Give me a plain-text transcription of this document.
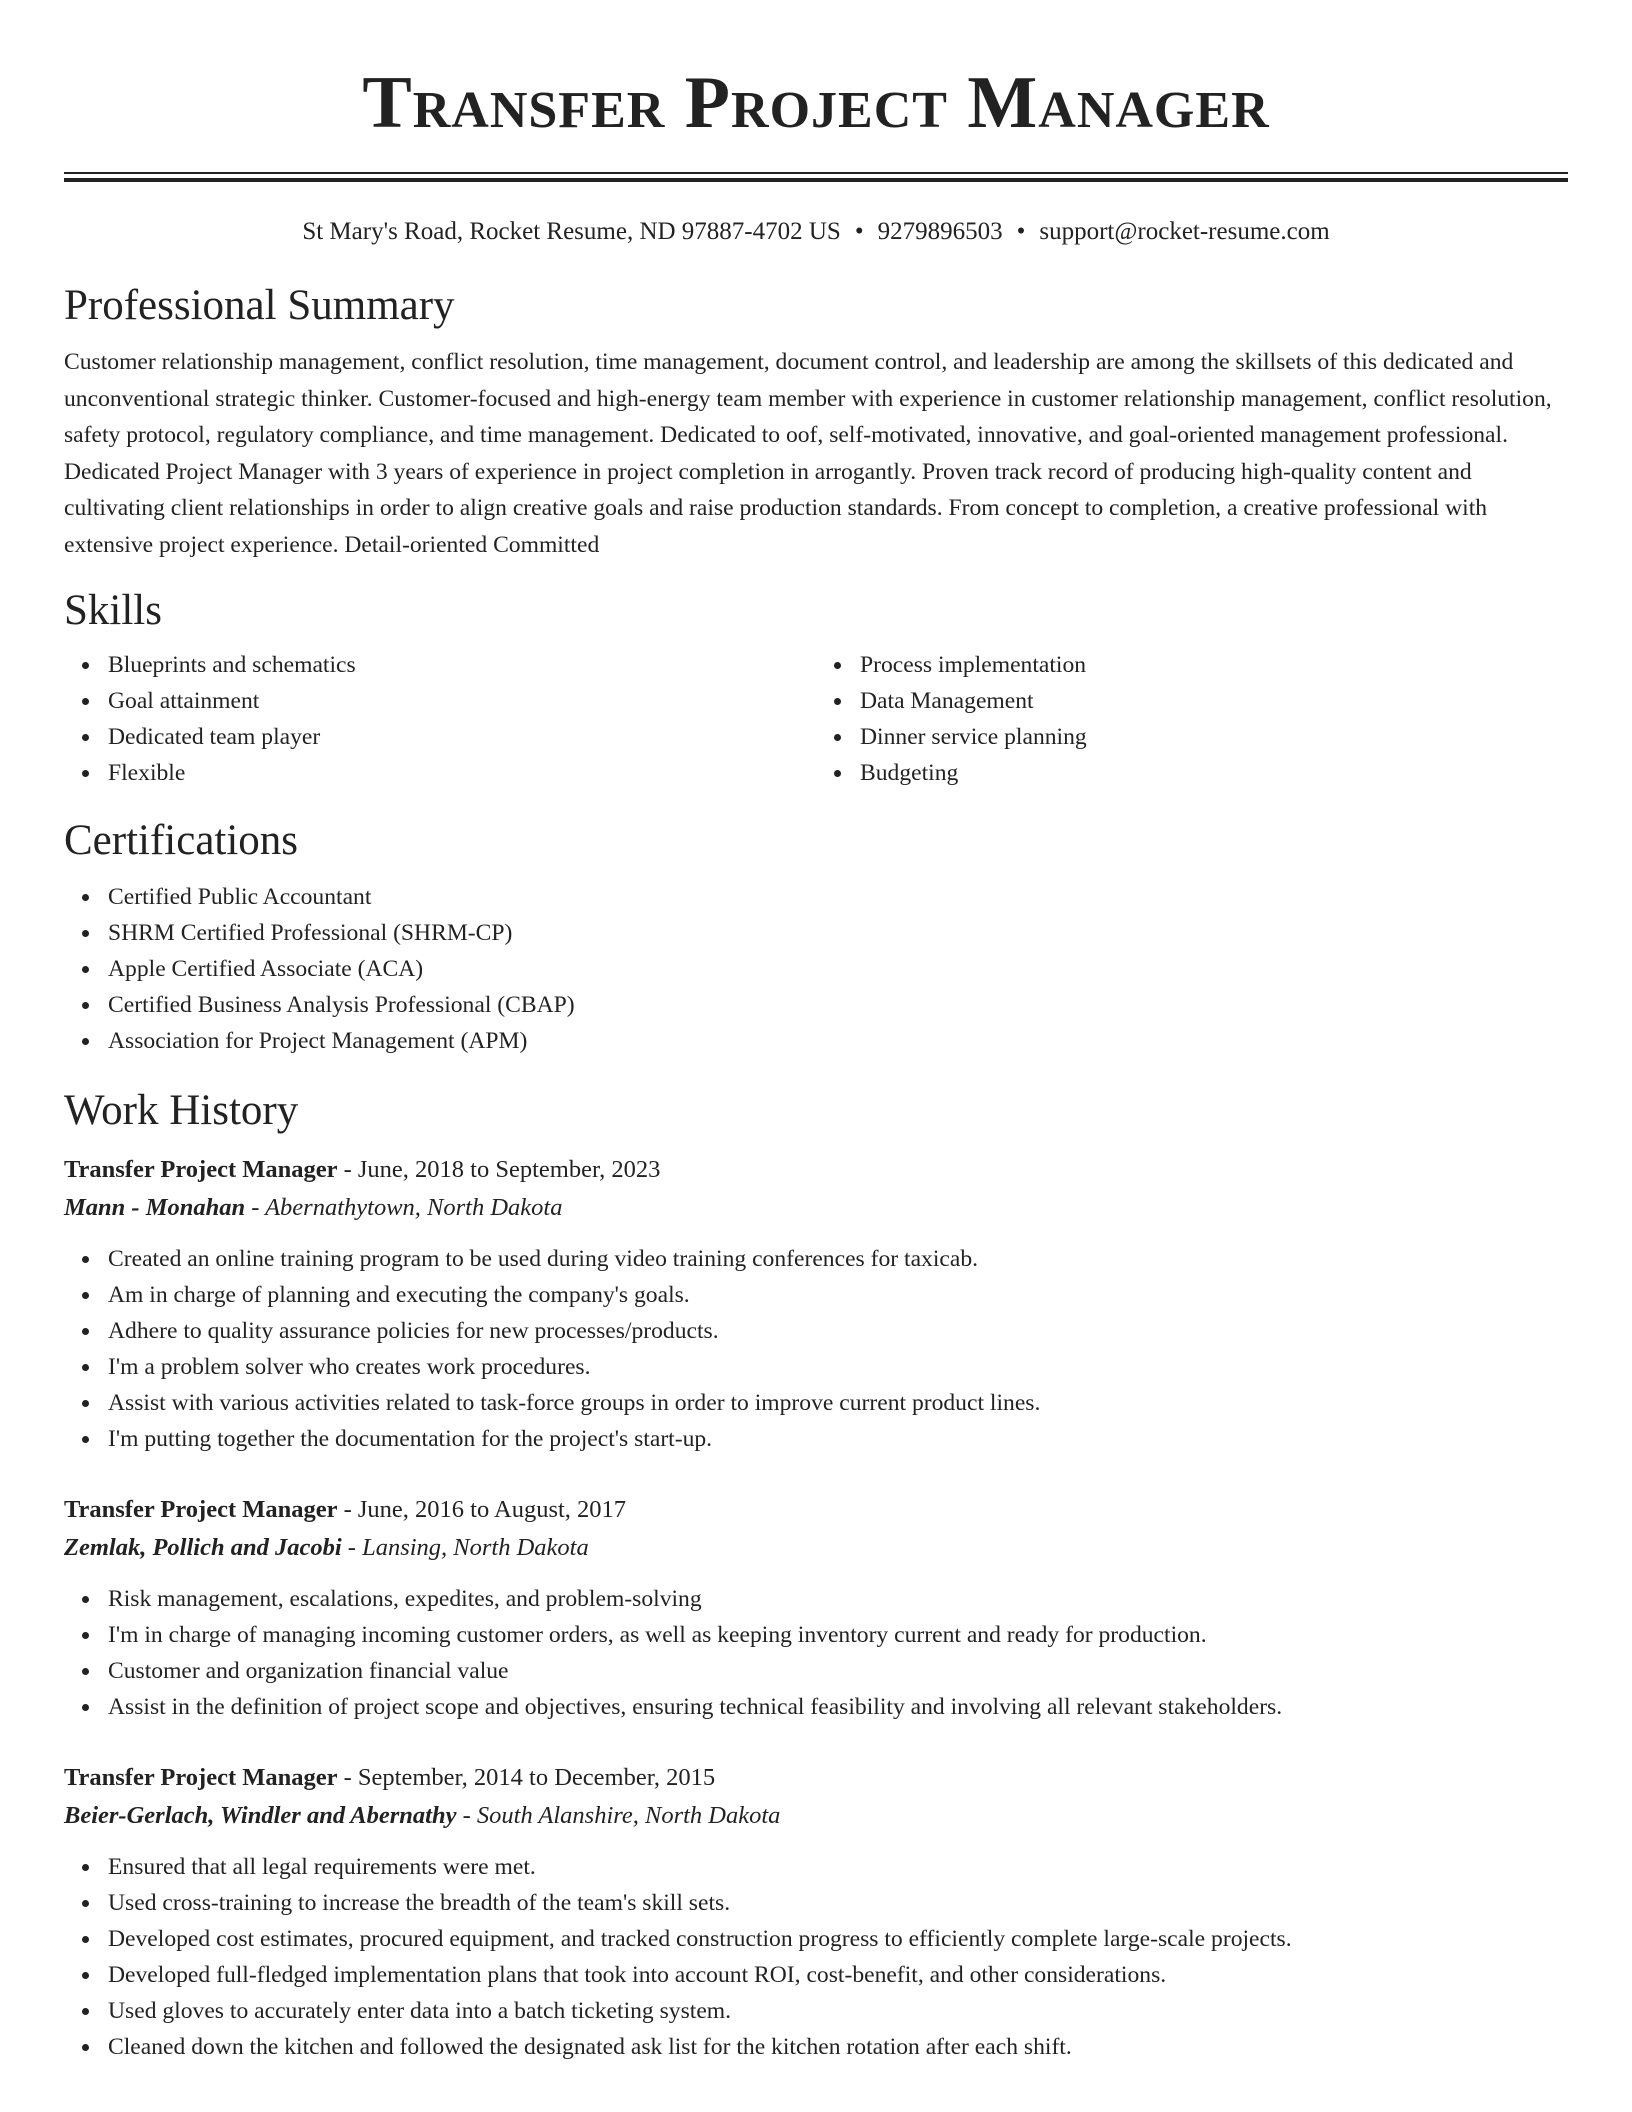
Transfer Project Manager
St Mary's Road, Rocket Resume, ND 97887-4702 US • 9279896503 • support@rocket-resume.com
Professional Summary
Customer relationship management, conflict resolution, time management, document control, and leadership are among the skillsets of this dedicated and unconventional strategic thinker. Customer-focused and high-energy team member with experience in customer relationship management, conflict resolution, safety protocol, regulatory compliance, and time management. Dedicated to oof, self-motivated, innovative, and goal-oriented management professional. Dedicated Project Manager with 3 years of experience in project completion in arrogantly. Proven track record of producing high-quality content and cultivating client relationships in order to align creative goals and raise production standards. From concept to completion, a creative professional with extensive project experience. Detail-oriented Committed
Skills
Blueprints and schematics
Goal attainment
Dedicated team player
Flexible
Process implementation
Data Management
Dinner service planning
Budgeting
Certifications
Certified Public Accountant
SHRM Certified Professional (SHRM-CP)
Apple Certified Associate (ACA)
Certified Business Analysis Professional (CBAP)
Association for Project Management (APM)
Work History
Transfer Project Manager - June, 2018 to September, 2023
Mann - Monahan - Abernathytown, North Dakota
Created an online training program to be used during video training conferences for taxicab.
Am in charge of planning and executing the company's goals.
Adhere to quality assurance policies for new processes/products.
I'm a problem solver who creates work procedures.
Assist with various activities related to task-force groups in order to improve current product lines.
I'm putting together the documentation for the project's start-up.
Transfer Project Manager - June, 2016 to August, 2017
Zemlak, Pollich and Jacobi - Lansing, North Dakota
Risk management, escalations, expedites, and problem-solving
I'm in charge of managing incoming customer orders, as well as keeping inventory current and ready for production.
Customer and organization financial value
Assist in the definition of project scope and objectives, ensuring technical feasibility and involving all relevant stakeholders.
Transfer Project Manager - September, 2014 to December, 2015
Beier-Gerlach, Windler and Abernathy - South Alanshire, North Dakota
Ensured that all legal requirements were met.
Used cross-training to increase the breadth of the team's skill sets.
Developed cost estimates, procured equipment, and tracked construction progress to efficiently complete large-scale projects.
Developed full-fledged implementation plans that took into account ROI, cost-benefit, and other considerations.
Used gloves to accurately enter data into a batch ticketing system.
Cleaned down the kitchen and followed the designated ask list for the kitchen rotation after each shift.
